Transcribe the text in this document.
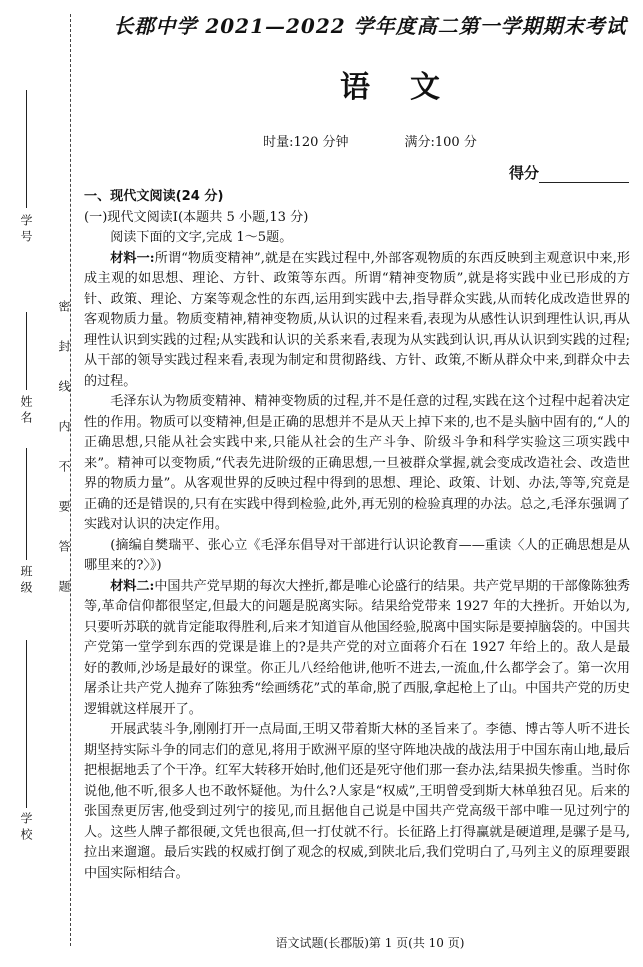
学号
姓名
班级
学校
密封线内不要答题
长郡中学 2021—2022 学年度高二第一学期期末考试
语文
时量:120 分钟	满分:100 分
得分

一、现代文阅读(24 分)

(一)现代文阅读Ⅰ(本题共 5 小题,13 分)

阅读下面的文字,完成 1～5题。

材料一:所谓“物质变精神”,就是在实践过程中,外部客观物质的东西反映到主观意识中来,形成主观的如思想、理论、方针、政策等东西。所谓“精神变物质”,就是将实践中业已形成的方针、政策、理论、方案等观念性的东西,运用到实践中去,指导群众实践,从而转化成改造世界的客观物质力量。物质变精神,精神变物质,从认识的过程来看,表现为从感性认识到理性认识,再从理性认识到实践的过程;从实践和认识的关系来看,表现为从实践到认识,再从认识到实践的过程;从干部的领导实践过程来看,表现为制定和贯彻路线、方针、政策,不断从群众中来,到群众中去的过程。

毛泽东认为物质变精神、精神变物质的过程,并不是任意的过程,实践在这个过程中起着决定性的作用。物质可以变精神,但是正确的思想并不是从天上掉下来的,也不是头脑中固有的,“人的正确思想,只能从社会实践中来,只能从社会的生产斗争、阶级斗争和科学实验这三项实践中来”。精神可以变物质,“代表先进阶级的正确思想,一旦被群众掌握,就会变成改造社会、改造世界的物质力量”。从客观世界的反映过程中得到的思想、理论、政策、计划、办法,等等,究竟是正确的还是错误的,只有在实践中得到检验,此外,再无别的检验真理的办法。总之,毛泽东强调了实践对认识的决定作用。

(摘编自樊瑞平、张心立《毛泽东倡导对干部进行认识论教育——重读〈人的正确思想是从哪里来的?〉》)

材料二:中国共产党早期的每次大挫折,都是唯心论盛行的结果。共产党早期的干部像陈独秀等,革命信仰都很坚定,但最大的问题是脱离实际。结果给党带来 1927 年的大挫折。开始以为,只要听苏联的就肯定能取得胜利,后来才知道盲从他国经验,脱离中国实际是要掉脑袋的。中国共产党第一堂学到东西的党课是谁上的?是共产党的对立面蒋介石在 1927 年给上的。敌人是最好的教师,沙场是最好的课堂。你正儿八经给他讲,他听不进去,一流血,什么都学会了。第一次用屠杀让共产党人抛弃了陈独秀“绘画绣花”式的革命,脱了西服,拿起枪上了山。中国共产党的历史逻辑就这样展开了。

开展武装斗争,刚刚打开一点局面,王明又带着斯大林的圣旨来了。李德、博古等人听不进长期坚持实际斗争的同志们的意见,将用于欧洲平原的坚守阵地决战的战法用于中国东南山地,最后把根据地丢了个干净。红军大转移开始时,他们还是死守他们那一套办法,结果损失惨重。当时你说他,他不听,很多人也不敢怀疑他。为什么?人家是“权威”,王明曾受到斯大林单独召见。后来的张国焘更厉害,他受到过列宁的接见,而且据他自己说是中国共产党高级干部中唯一见过列宁的人。这些人牌子都很硬,文凭也很高,但一打仗就不行。长征路上打得赢就是硬道理,是骡子是马,拉出来遛遛。最后实践的权威打倒了观念的权威,到陕北后,我们党明白了,马列主义的原理要跟中国实际相结合。

语文试题(长郡版)第 1 页(共 10 页)
